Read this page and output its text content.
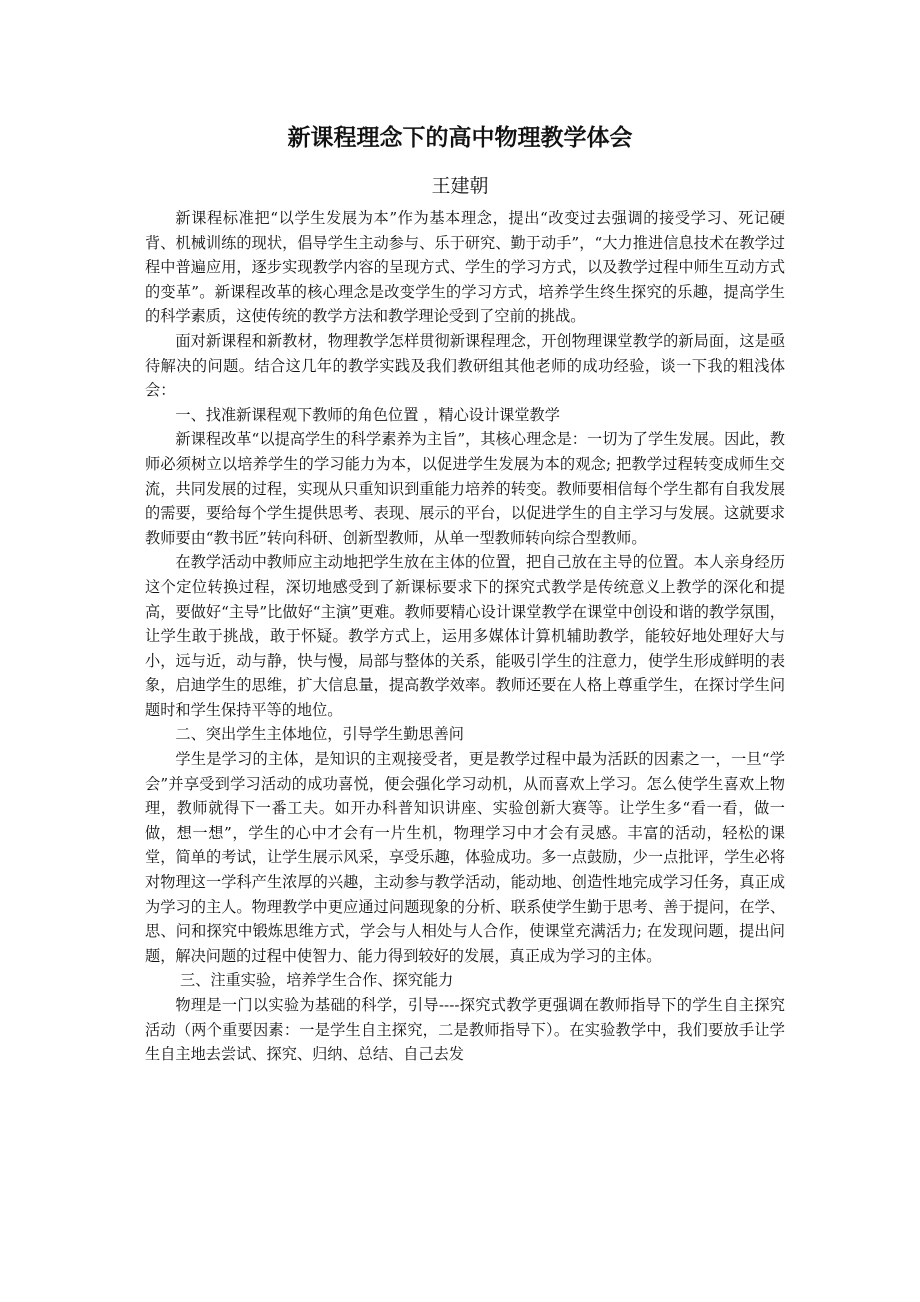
新课程理念下的高中物理教学体会

王建朝

新课程标准把“以学生发展为本”作为基本理念，提出“改变过去强调的接受学习、死记硬背、机械训练的现状，倡导学生主动参与、乐于研究、勤于动手”，“大力推进信息技术在教学过程中普遍应用，逐步实现教学内容的呈现方式、学生的学习方式，以及教学过程中师生互动方式的变革”。新课程改革的核心理念是改变学生的学习方式，培养学生终生探究的乐趣，提高学生的科学素质，这使传统的教学方法和教学理论受到了空前的挑战。

面对新课程和新教材，物理教学怎样贯彻新课程理念，开创物理课堂教学的新局面，这是亟待解决的问题。结合这几年的教学实践及我们教研组其他老师的成功经验，谈一下我的粗浅体会：

一、找准新课程观下教师的角色位置 ，精心设计课堂教学

新课程改革“以提高学生的科学素养为主旨”，其核心理念是：一切为了学生发展。因此，教师必须树立以培养学生的学习能力为本，以促进学生发展为本的观念; 把教学过程转变成师生交流，共同发展的过程，实现从只重知识到重能力培养的转变。教师要相信每个学生都有自我发展的需要，要给每个学生提供思考、表现、展示的平台，以促进学生的自主学习与发展。这就要求教师要由“教书匠”转向科研、创新型教师，从单一型教师转向综合型教师。

在教学活动中教师应主动地把学生放在主体的位置，把自己放在主导的位置。本人亲身经历这个定位转换过程，深切地感受到了新课标要求下的探究式教学是传统意义上教学的深化和提高，要做好“主导”比做好“主演”更难。教师要精心设计课堂教学在课堂中创设和谐的教学氛围，让学生敢于挑战，敢于怀疑。教学方式上，运用多媒体计算机辅助教学，能较好地处理好大与小，远与近，动与静，快与慢，局部与整体的关系，能吸引学生的注意力，使学生形成鲜明的表象，启迪学生的思维，扩大信息量，提高教学效率。教师还要在人格上尊重学生，在探讨学生问题时和学生保持平等的地位。

二、突出学生主体地位，引导学生勤思善问

学生是学习的主体，是知识的主观接受者，更是教学过程中最为活跃的因素之一，一旦“学会”并享受到学习活动的成功喜悦，便会强化学习动机，从而喜欢上学习。怎么使学生喜欢上物理，教师就得下一番工夫。如开办科普知识讲座、实验创新大赛等。让学生多“看一看，做一做，想一想”，学生的心中才会有一片生机，物理学习中才会有灵感。丰富的活动，轻松的课堂，简单的考试，让学生展示风采，享受乐趣，体验成功。多一点鼓励，少一点批评，学生必将对物理这一学科产生浓厚的兴趣，主动参与教学活动，能动地、创造性地完成学习任务，真正成为学习的主人。物理教学中更应通过问题现象的分析、联系使学生勤于思考、善于提问，在学、思、问和探究中锻炼思维方式，学会与人相处与人合作，使课堂充满活力; 在发现问题，提出问题，解决问题的过程中使智力、能力得到较好的发展，真正成为学习的主体。

三、注重实验，培养学生合作、探究能力

物理是一门以实验为基础的科学，引导----探究式教学更强调在教师指导下的学生自主探究活动（两个重要因素：一是学生自主探究，二是教师指导下）。在实验教学中，我们要放手让学生自主地去尝试、探究、归纳、总结、自己去发
